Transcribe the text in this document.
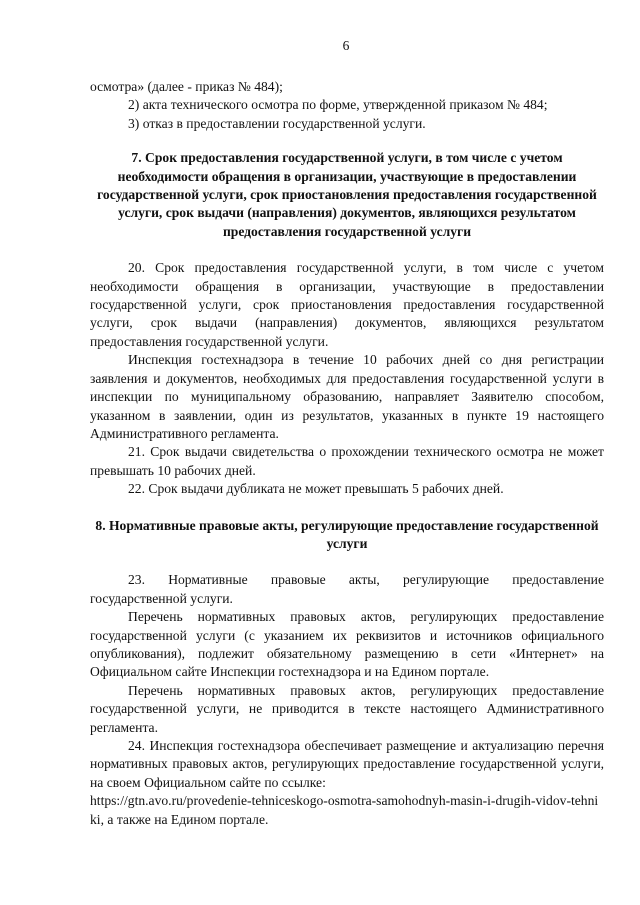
6

осмотра» (далее - приказ № 484);

2) акта технического осмотра по форме, утвержденной приказом № 484;

3) отказ в предоставлении государственной услуги.

7. Срок предоставления государственной услуги, в том числе с учетом необходимости обращения в организации, участвующие в предоставлении государственной услуги, срок приостановления предоставления государственной услуги, срок выдачи (направления) документов, являющихся результатом предоставления государственной услуги

20. Срок предоставления государственной услуги, в том числе с учетом необходимости обращения в организации, участвующие в предоставлении государственной услуги, срок приостановления предоставления государственной услуги, срок выдачи (направления) документов, являющихся результатом предоставления государственной услуги.

Инспекция гостехнадзора в течение 10 рабочих дней со дня регистрации заявления и документов, необходимых для предоставления государственной услуги в инспекции по муниципальному образованию, направляет Заявителю способом, указанном в заявлении, один из результатов, указанных в пункте 19 настоящего Административного регламента.

21. Срок выдачи свидетельства о прохождении технического осмотра не может превышать 10 рабочих дней.

22. Срок выдачи дубликата не может превышать 5 рабочих дней.

8. Нормативные правовые акты, регулирующие предоставление государственной услуги

23. Нормативные правовые акты, регулирующие предоставление государственной услуги.

Перечень нормативных правовых актов, регулирующих предоставление государственной услуги (с указанием их реквизитов и источников официального опубликования), подлежит обязательному размещению в сети «Интернет» на Официальном сайте Инспекции гостехнадзора и на Едином портале.

Перечень нормативных правовых актов, регулирующих предоставление государственной услуги, не приводится в тексте настоящего Административного регламента.

24. Инспекция гостехнадзора обеспечивает размещение и актуализацию перечня нормативных правовых актов, регулирующих предоставление государственной услуги, на своем Официальном сайте по ссылке:

https://gtn.avo.ru/provedenie-tehniceskogo-osmotra-samohodnyh-masin-i-drugih-vidov-tehniki, а также на Едином портале.
